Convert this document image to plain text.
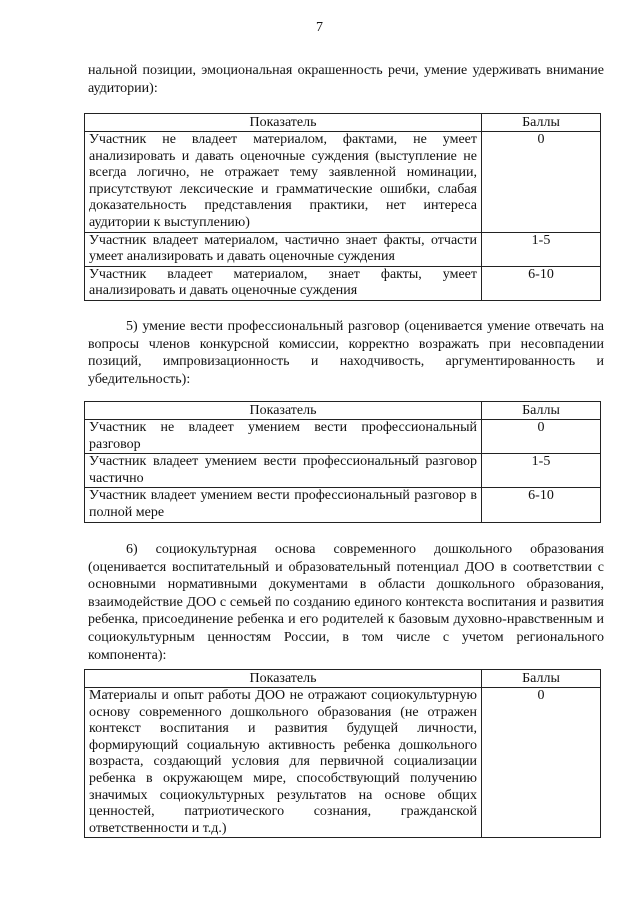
7

нальной позиции, эмоциональная окрашенность речи, умение удерживать внимание аудитории):

Показатель	Баллы
Участник не владеет материалом, фактами, не умеет анализировать и давать оценочные суждения (выступление не всегда логично, не отражает тему заявленной номинации, присутствуют лексические и грамматические ошибки, слабая доказательность представления практики, нет интереса аудитории к выступлению)	0
Участник владеет материалом, частично знает факты, отчасти умеет анализировать и давать оценочные суждения	1-5
Участник владеет материалом, знает факты, умеет анализировать и давать оценочные суждения	6-10

5) умение вести профессиональный разговор (оценивается умение отвечать на вопросы членов конкурсной комиссии, корректно возражать при несовпадении позиций, импровизационность и находчивость, аргументированность и убедительность):

Показатель	Баллы
Участник не владеет умением вести профессиональный разговор	0
Участник владеет умением вести профессиональный разговор частично	1-5
Участник владеет умением вести профессиональный разговор в полной мере	6-10

6) социокультурная основа современного дошкольного образования (оценивается воспитательный и образовательный потенциал ДОО в соответствии с основными нормативными документами в области дошкольного образования, взаимодействие ДОО с семьей по созданию единого контекста воспитания и развития ребенка, присоединение ребенка и его родителей к базовым духовно-нравственным и социокультурным ценностям России, в том числе с учетом регионального компонента):

Показатель	Баллы
Материалы и опыт работы ДОО не отражают социокультурную основу современного дошкольного образования (не отражен контекст воспитания и развития будущей личности, формирующий социальную активность ребенка дошкольного возраста, создающий условия для первичной социализации ребенка в окружающем мире, способствующий получению значимых социокультурных результатов на основе общих ценностей, патриотического сознания, гражданской ответственности и т.д.)	0
